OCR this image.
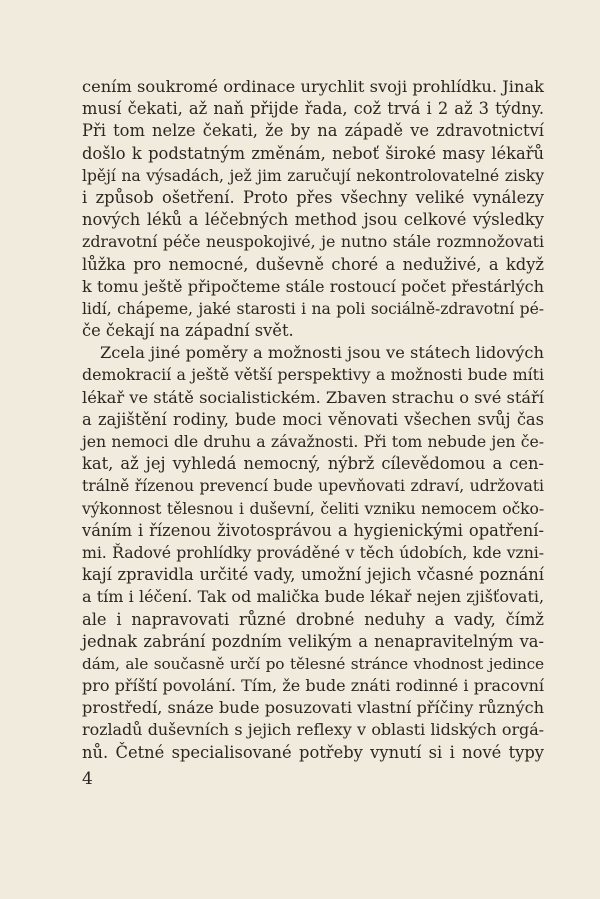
cením soukromé ordinace urychlit svoji prohlídku. Jinak
musí čekati, až naň přijde řada, což trvá i 2 až 3 týdny.
Při tom nelze čekati, že by na západě ve zdravotnictví
došlo k podstatným změnám, neboť široké masy lékařů
lpějí na výsadách, jež jim zaručují nekontrolovatelné zisky
i způsob ošetření. Proto přes všechny veliké vynálezy
nových léků a léčebných method jsou celkové výsledky
zdravotní péče neuspokojivé, je nutno stále rozmnožovati
lůžka pro nemocné, duševně choré a neduživé, a když
k tomu ještě připočteme stále rostoucí počet přestárlých
lidí, chápeme, jaké starosti i na poli sociálně-zdravotní pé-
če čekají na západní svět.
Zcela jiné poměry a možnosti jsou ve státech lidových
demokracií a ještě větší perspektivy a možnosti bude míti
lékař ve státě socialistickém. Zbaven strachu o své stáří
a zajištění rodiny, bude moci věnovati všechen svůj čas
jen nemoci dle druhu a závažnosti. Při tom nebude jen če-
kat, až jej vyhledá nemocný, nýbrž cílevědomou a cen-
trálně řízenou prevencí bude upevňovati zdraví, udržovati
výkonnost tělesnou i duševní, čeliti vzniku nemocem očko-
váním i řízenou životosprávou a hygienickými opatření-
mi. Řadové prohlídky prováděné v těch údobích, kde vzni-
kají zpravidla určité vady, umožní jejich včasné poznání
a tím i léčení. Tak od malička bude lékař nejen zjišťovati,
ale i napravovati různé drobné neduhy a vady, čímž
jednak zabrání pozdním velikým a nenapravitelným va-
dám, ale současně určí po tělesné stránce vhodnost jedince
pro příští povolání. Tím, že bude znáti rodinné i pracovní
prostředí, snáze bude posuzovati vlastní příčiny různých
rozladů duševních s jejich reflexy v oblasti lidských orgá-
nů. Četné specialisované potřeby vynutí si i nové typy
4
